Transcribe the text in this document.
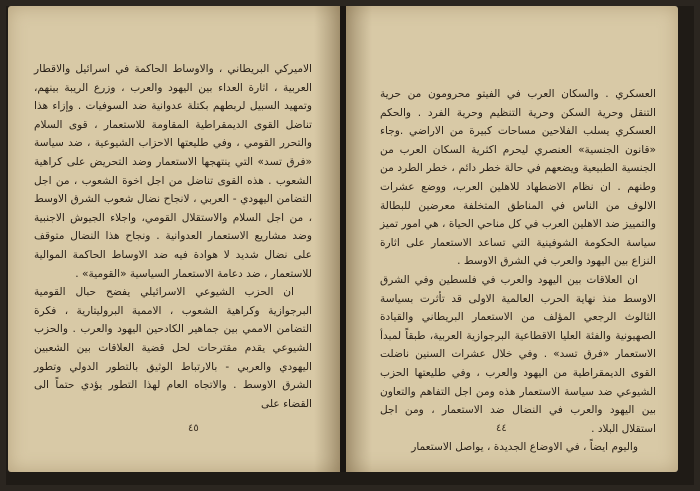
الاميركي البريطاني ، والاوساط الحاكمة في اسرائيل والاقطار العربية ، اثارة العداء بين اليهود والعرب ، وزرع الريبة بينهم، وتمهيد السبيل لربطهم بكتلة عدوانية ضد السوفيات . وإزاء هذا تناضل القوى الديمقراطية المقاومة للاستعمار ، قوى السلام والتحرر القومي ، وفي طليعتها الاحزاب الشيوعية ، ضد سياسة «فرق تسد» التي ينتهجها الاستعمار وضد التحريض على كراهية الشعوب . هذه القوى تناضل من اجل اخوة الشعوب ، من اجل التضامن اليهودي - العربي ، لانجاح نضال شعوب الشرق الاوسط ، من اجل السلام والاستقلال القومي، واجلاء الجيوش الاجنبية وضد مشاريع الاستعمار العدوانية . ونجاح هذا النضال متوقف على نضال شديد لا هوادة فيه ضد الاوساط الحاكمة الموالية للاستعمار ، ضد دعامة الاستعمار السياسية «القومية» .

ان الحزب الشيوعي الاسرائيلي يفضح حبال القومية البرجوازية وكراهية الشعوب ، الاممية البروليتارية ، فكرة التضامن الاممي بين جماهير الكادحين اليهود والعرب . والحزب الشيوعي يقدم مقترحات لحل قضية العلاقات بين الشعبين اليهودي والعربي - بالارتباط الوثيق بالتطور الدولي وتطور الشرق الاوسط . والاتجاه العام لهذا التطور يؤدي حتماً الى القضاء على

٤٥

العسكري . والسكان العرب في الفيتو محرومون من حرية التنقل وحرية السكن وحرية التنظيم وحرية الفرد . والحكم العسكري يسلب الفلاحين مساحات كبيرة من الاراضي .وجاء «قانون الجنسية» العنصري ليحرم اكثرية السكان العرب من الجنسية الطبيعية ويضعهم في حالة خطر دائم ، خطر الطرد من وطنهم . ان نظام الاضطهاد للاهلين العرب، ووضع عشرات الالوف من الناس في المناطق المتخلفة معرضين للبطالة والتمييز ضد الاهلين العرب في كل مناحي الحياة ، هي امور تميز سياسة الحكومة الشوفينية التي تساعد الاستعمار على اثارة النزاع بين اليهود والعرب في الشرق الاوسط .

ان العلاقات بين اليهود والعرب في فلسطين وفي الشرق الاوسط منذ نهاية الحرب العالمية الاولى قد تأثرت بسياسة الثالوث الرجعي المؤلف من الاستعمار البريطاني والقيادة الصهيونية والفئة العليا الاقطاعية البرجوازية العربية، طبقاً لمبدأ الاستعمار «فرق تسد» . وفي خلال عشرات السنين ناضلت القوى الديمقراطية من اليهود والعرب ، وفي طليعتها الحزب الشيوعي ضد سياسة الاستعمار هذه ومن اجل التفاهم والتعاون بين اليهود والعرب في النضال ضد الاستعمار ، ومن اجل استقلال البلاد .

واليوم ايضاً ، في الاوضاع الجديدة ، يواصل الاستعمار

٤٤
